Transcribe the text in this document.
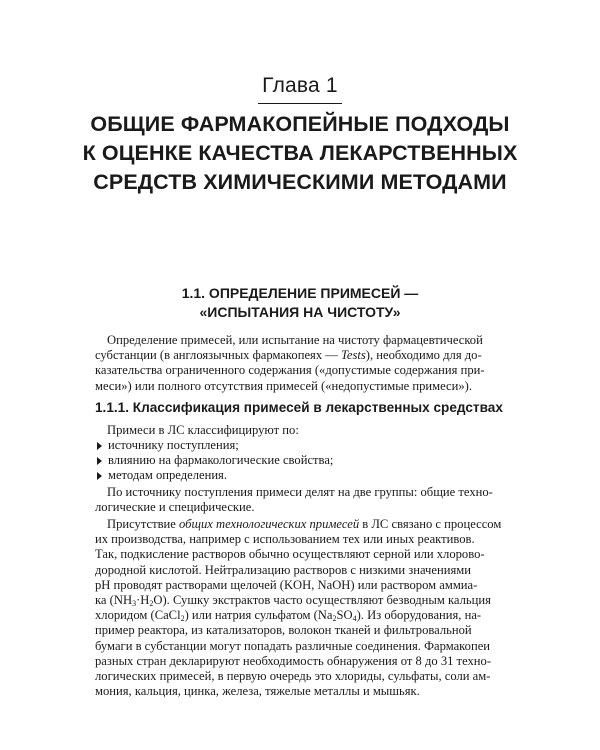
Глава 1
ОБЩИЕ ФАРМАКОПЕЙНЫЕ ПОДХОДЫ
К ОЦЕНКЕ КАЧЕСТВА ЛЕКАРСТВЕННЫХ
СРЕДСТВ ХИМИЧЕСКИМИ МЕТОДАМИ
1.1. ОПРЕДЕЛЕНИЕ ПРИМЕСЕЙ —
«ИСПЫТАНИЯ НА ЧИСТОТУ»
Определение примесей, или испытание на чистоту фармацевтической
субстанции (в англоязычных фармакопеях — Tests), необходимо для до-
казательства ограниченного содержания («допустимые содержания при-
меси») или полного отсутствия примесей («недопустимые примеси»).
1.1.1. Классификация примесей в лекарственных средствах
Примеси в ЛС классифицируют по:
источнику поступления;
влиянию на фармакологические свойства;
методам определения.
По источнику поступления примеси делят на две группы: общие техно-
логические и специфические.
Присутствие общих технологических примесей в ЛС связано с процессом
их производства, например с использованием тех или иных реактивов.
Так, подкисление растворов обычно осуществляют серной или хлорово-
дородной кислотой. Нейтрализацию растворов с низкими значениями
pH проводят растворами щелочей (KOH, NaOH) или раствором аммиа-
ка $(NH_3\cdot H_2O)$. Сушку экстрактов часто осуществляют безводным кальция
хлоридом (CaCl$_2$) или натрия сульфатом $(Na_2SO_4)$. Из оборудования, на-
пример реактора, из катализаторов, волокон тканей и фильтровальной
бумаги в субстанции могут попадать различные соединения. Фармакопеи
разных стран декларируют необходимость обнаружения от 8 до 31 техно-
логических примесей, в первую очередь это хлориды, сульфаты, соли ам-
мония, кальция, цинка, железа, тяжелые металлы и мышьяк.
